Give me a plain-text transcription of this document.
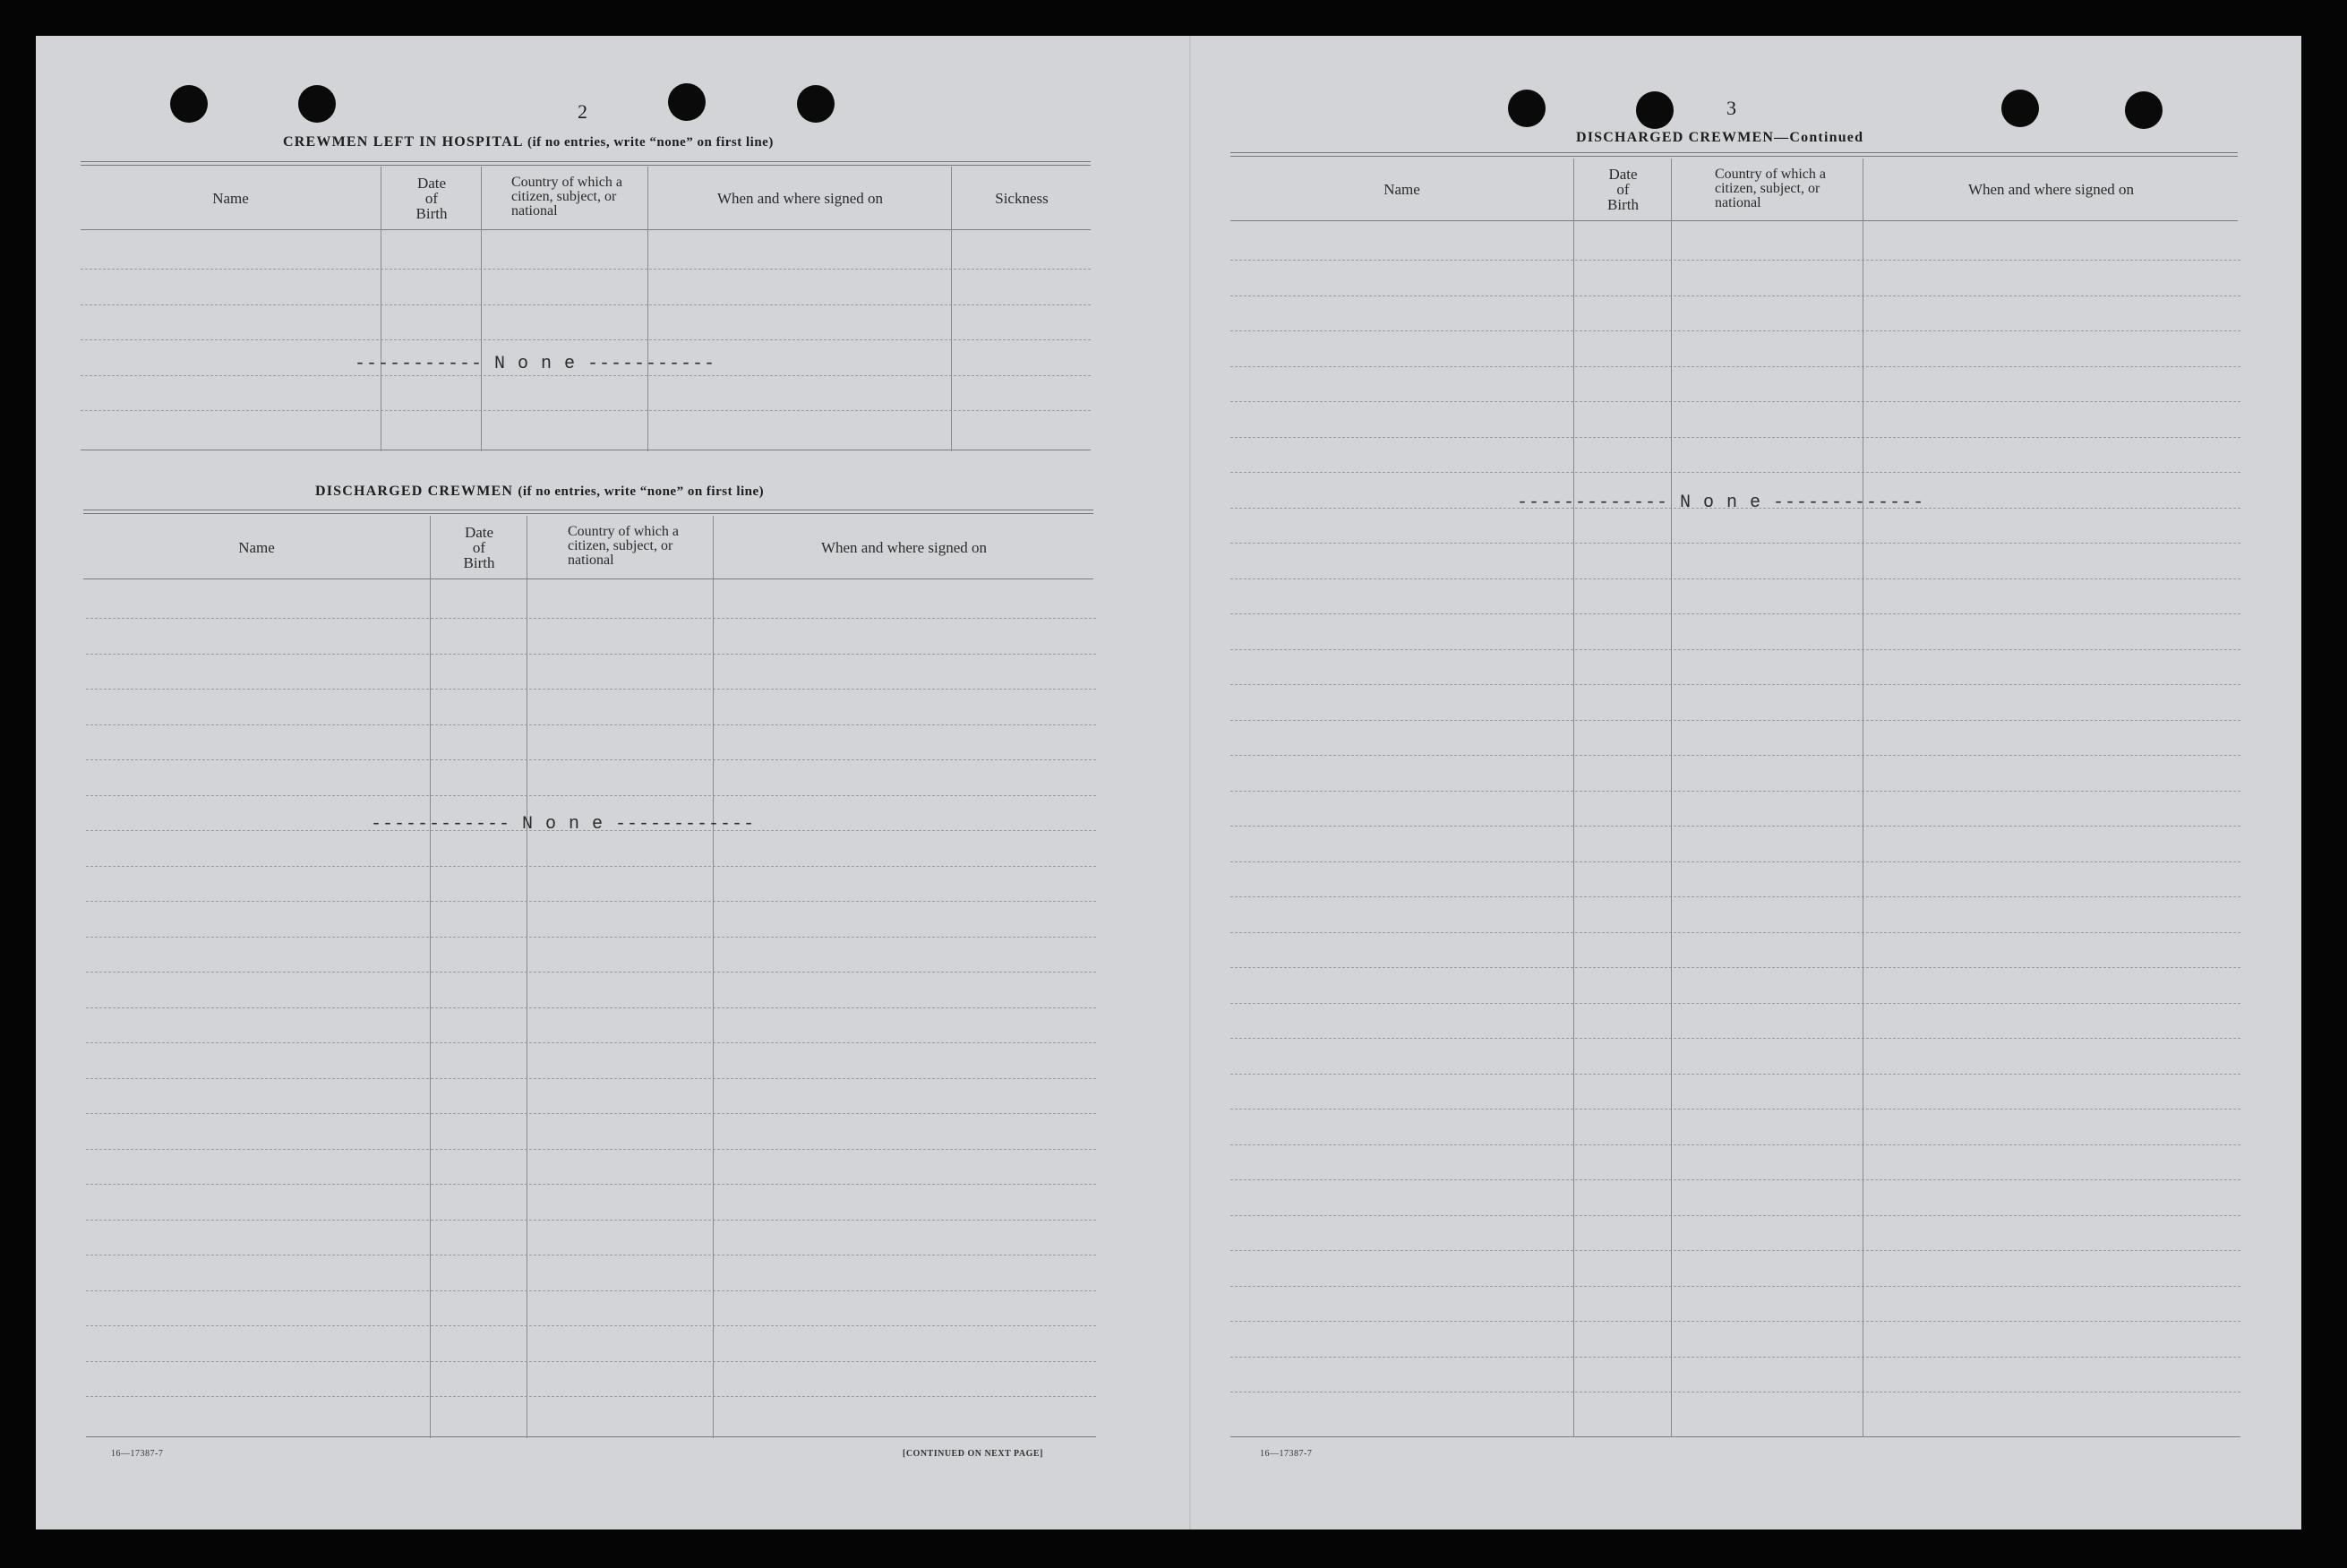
2
CREWMEN LEFT IN HOSPITAL (if no entries, write “none” on first line)
Name
Date
of
Birth
Country of which a
citizen, subject, or
national
When and where signed on	Sickness
----------- N o n e -----------
DISCHARGED CREWMEN (if no entries, write “none” on first line)
Name
Date
of
Birth
Country of which a
citizen, subject, or
national
When and where signed on
------------ N o n e ------------
16—17387-7	[CONTINUED ON NEXT PAGE]
3
DISCHARGED CREWMEN—Continued
Name
Date
of
Birth
Country of which a
citizen, subject, or
national
When and where signed on
------------- N o n e -------------
16—17387-7
